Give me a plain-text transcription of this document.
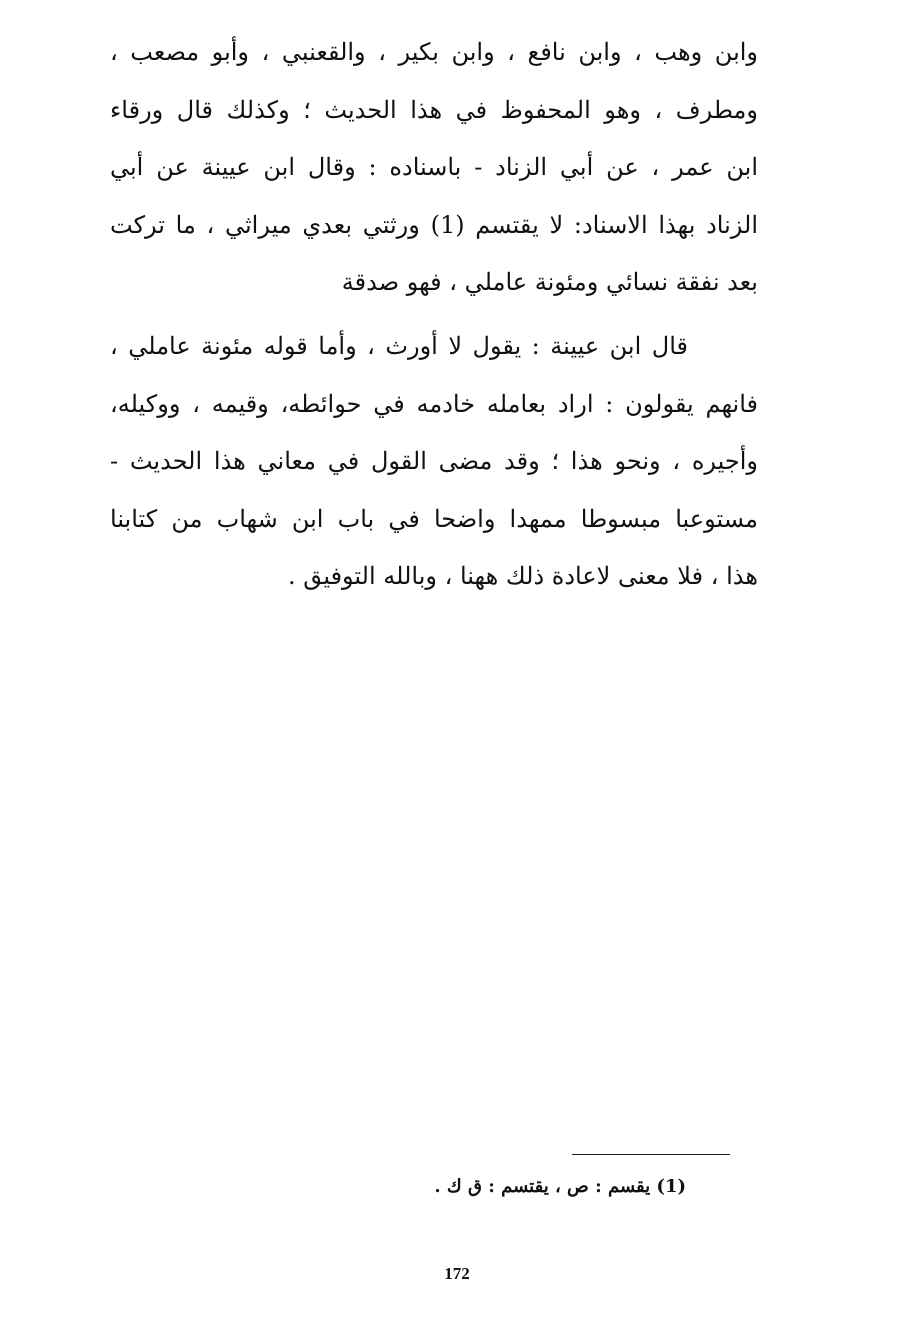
وابن وهب ، وابن نافع ، وابن بكير ، والقعنبي ، وأبو مصعب ،
ومطرف ، وهو المحفوظ في هذا الحديث ؛ وكذلك قال ورقاء
ابن عمر ، عن أبي الزناد - باسناده : وقال ابن عيينة عن أبي
الزناد بهذا الاسناد: لا يقتسم (1) ورثتي بعدي ميراثي ، ما تركت
بعد نفقة نسائي ومئونة عاملي ، فهو صدقة
قال ابن عيينة : يقول لا أورث ، وأما قوله مئونة عاملي ،
فانهم يقولون : اراد بعامله خادمه في حوائطه، وقيمه ، ووكيله،
وأجيره ، ونحو هذا ؛ وقد مضى القول في معاني هذا الحديث -
مستوعبا مبسوطا ممهدا واضحا في باب ابن شهاب من كتابنا
هذا ، فلا معنى لاعادة ذلك ههنا ، وبالله التوفيق .
(1) يقسم : ص ، يقتسم : ق ك .
172
